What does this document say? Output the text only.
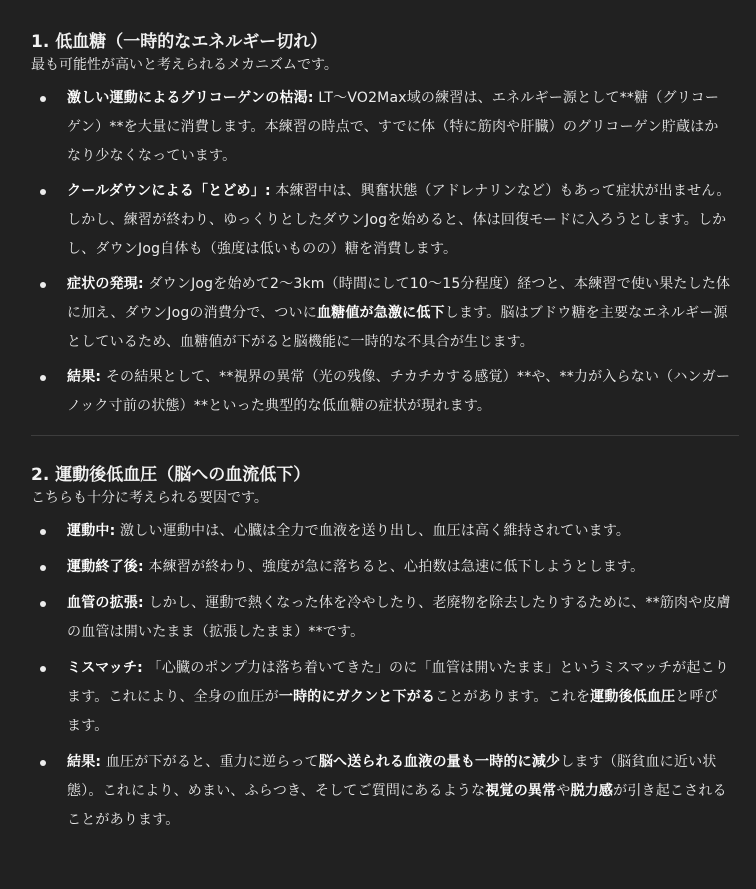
1. 低血糖（一時的なエネルギー切れ）

最も可能性が高いと考えられるメカニズムです。

激しい運動によるグリコーゲンの枯渇: LT〜VO2Max域の練習は、エネルギー源として**糖（グリコーゲン）**を大量に消費します。本練習の時点で、すでに体（特に筋肉や肝臓）のグリコーゲン貯蔵はかなり少なくなっています。
クールダウンによる「とどめ」: 本練習中は、興奮状態（アドレナリンなど）もあって症状が出ません。しかし、練習が終わり、ゆっくりとしたダウンJogを始めると、体は回復モードに入ろうとします。しかし、ダウンJog自体も（強度は低いものの）糖を消費します。
症状の発現: ダウンJogを始めて2〜3km（時間にして10〜15分程度）経つと、本練習で使い果たした体に加え、ダウンJogの消費分で、ついに血糖値が急激に低下します。脳はブドウ糖を主要なエネルギー源としているため、血糖値が下がると脳機能に一時的な不具合が生じます。
結果: その結果として、**視界の異常（光の残像、チカチカする感覚）**や、**力が入らない（ハンガーノック寸前の状態）**といった典型的な低血糖の症状が現れます。
2. 運動後低血圧（脳への血流低下）

こちらも十分に考えられる要因です。

運動中: 激しい運動中は、心臓は全力で血液を送り出し、血圧は高く維持されています。
運動終了後: 本練習が終わり、強度が急に落ちると、心拍数は急速に低下しようとします。
血管の拡張: しかし、運動で熱くなった体を冷やしたり、老廃物を除去したりするために、**筋肉や皮膚の血管は開いたまま（拡張したまま）**です。
ミスマッチ: 「心臓のポンプ力は落ち着いてきた」のに「血管は開いたまま」というミスマッチが起こります。これにより、全身の血圧が一時的にガクンと下がることがあります。これを運動後低血圧と呼びます。
結果: 血圧が下がると、重力に逆らって脳へ送られる血液の量も一時的に減少します（脳貧血に近い状態）。これにより、めまい、ふらつき、そしてご質問にあるような視覚の異常や脱力感が引き起こされることがあります。
